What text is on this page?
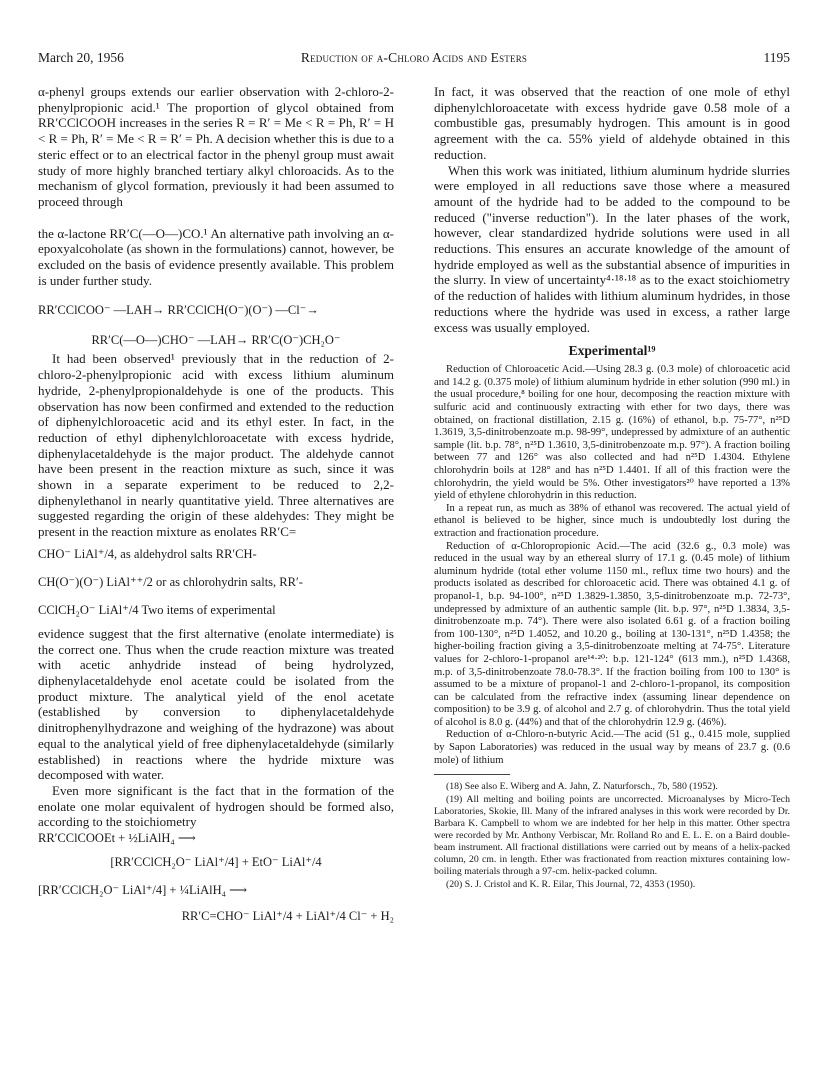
March 20, 1956	Reduction of α-Chloro Acids and Esters	1195

α-phenyl groups extends our earlier observation with 2-chloro-2-phenylpropionic acid.¹ The proportion of glycol obtained from RR′CClCOOH increases in the series R = R′ = Me < R = Ph, R′ = H < R = Ph, R′ = Me < R = R′ = Ph. A decision whether this is due to a steric effect or to an electrical factor in the phenyl group must await study of more highly branched tertiary alkyl chloroacids. As to the mechanism of glycol formation, previously it had been assumed to proceed through

the α-lactone RR′C(—O—)CO.¹ An alternative path involving an α-epoxyalcoholate (as shown in the formulations) cannot, however, be excluded on the basis of evidence presently available. This problem is under further study.

RR′CClCOO⁻ —LAH→ RR′CClCH(O⁻)(O⁻) —Cl⁻→
RR′C(—O—)CHO⁻ —LAH→ RR′C(O⁻)CH₂O⁻

It had been observed¹ previously that in the reduction of 2-chloro-2-phenylpropionic acid with excess lithium aluminum hydride, 2-phenylpropionaldehyde is one of the products. This observation has now been confirmed and extended to the reduction of diphenylchloroacetic acid and its ethyl ester. In fact, in the reduction of ethyl diphenylchloroacetate with excess hydride, diphenylacetaldehyde is the major product. The aldehyde cannot have been present in the reaction mixture as such, since it was shown in a separate experiment to be reduced to 2,2-diphenylethanol in nearly quantitative yield. Three alternatives are suggested regarding the origin of these aldehydes: They might be present in the reaction mixture as enolates RR′C=

CHO⁻ LiAl⁺/4, as aldehydrol salts RR′CH-
CH(O⁻)(O⁻) LiAl⁺⁺/2 or as chlorohydrin salts, RR′-
CClCH₂O⁻ LiAl⁺/4 Two items of experimental

evidence suggest that the first alternative (enolate intermediate) is the correct one. Thus when the crude reaction mixture was treated with acetic anhydride instead of being hydrolyzed, diphenylacetaldehyde enol acetate could be isolated from the product mixture. The analytical yield of the enol acetate (established by conversion to diphenylacetaldehyde dinitrophenylhydrazone and weighing of the hydrazone) was about equal to the analytical yield of free diphenylacetaldehyde (similarly established) in reactions where the hydride mixture was decomposed with water.

Even more significant is the fact that in the formation of the enolate one molar equivalent of hydrogen should be formed also, according to the stoichiometry

RR′CClCOOEt + ½LiAlH₄ ⟶
[RR′CClCH₂O⁻ LiAl⁺/4] + EtO⁻ LiAl⁺/4
[RR′CClCH₂O⁻ LiAl⁺/4] + ¼LiAlH₄ ⟶
RR′C=CHO⁻ LiAl⁺/4 + LiAl⁺/4 Cl⁻ + H₂

In fact, it was observed that the reaction of one mole of ethyl diphenylchloroacetate with excess hydride gave 0.58 mole of a combustible gas, presumably hydrogen. This amount is in good agreement with the ca. 55% yield of aldehyde obtained in this reduction.

When this work was initiated, lithium aluminum hydride slurries were employed in all reductions save those where a measured amount of the hydride had to be added to the compound to be reduced ("inverse reduction"). In the later phases of the work, however, clear standardized hydride solutions were used in all reductions. This ensures an accurate knowledge of the amount of hydride employed as well as the substantial absence of impurities in the slurry. In view of uncertainty⁴·¹⁸·¹⁸ as to the exact stoichiometry of the reduction of halides with lithium aluminum hydrides, in those reductions where the hydride was used in excess, a rather large excess was usually employed.

Experimental¹⁹

Reduction of Chloroacetic Acid.—Using 28.3 g. (0.3 mole) of chloroacetic acid and 14.2 g. (0.375 mole) of lithium aluminum hydride in ether solution (990 ml.) in the usual procedure,⁸ boiling for one hour, decomposing the reaction mixture with sulfuric acid and continuously extracting with ether for two days, there was obtained, on fractional distillation, 2.15 g. (16%) of ethanol, b.p. 75-77°, n²⁵D 1.3619, 3,5-dinitrobenzoate m.p. 98-99°, undepressed by admixture of an authentic sample (lit. b.p. 78°, n²⁵D 1.3610, 3,5-dinitrobenzoate m.p. 97°). A fraction boiling between 77 and 126° was also collected and had n²⁵D 1.4304. Ethylene chlorohydrin boils at 128° and has n²⁵D 1.4401. If all of this fraction were the chlorohydrin, the yield would be 5%. Other investigators²⁰ have reported a 13% yield of ethylene chlorohydrin in this reduction.

In a repeat run, as much as 38% of ethanol was recovered. The actual yield of ethanol is believed to be higher, since much is undoubtedly lost during the extraction and fractionation procedure.

Reduction of α-Chloropropionic Acid.—The acid (32.6 g., 0.3 mole) was reduced in the usual way by an ethereal slurry of 17.1 g. (0.45 mole) of lithium aluminum hydride (total ether volume 1150 ml., reflux time two hours) and the products isolated as described for chloroacetic acid. There was obtained 4.1 g. of propanol-1, b.p. 94-100°, n²⁵D 1.3829-1.3850, 3,5-dinitrobenzoate m.p. 72-73°, undepressed by admixture of an authentic sample (lit. b.p. 97°, n²⁵D 1.3834, 3,5-dinitrobenzoate m.p. 74°). There were also isolated 6.61 g. of a fraction boiling from 100-130°, n²⁵D 1.4052, and 10.20 g., boiling at 130-131°, n²⁵D 1.4358; the higher-boiling fraction giving a 3,5-dinitrobenzoate melting at 74-75°. Literature values for 2-chloro-1-propanol are¹⁴·²⁰: b.p. 121-124° (613 mm.), n²⁵D 1.4368, m.p. of 3,5-dinitrobenzoate 78.0-78.3°. If the fraction boiling from 100 to 130° is assumed to be a mixture of propanol-1 and 2-chloro-1-propanol, its composition can be calculated from the refractive index (assuming linear dependence on composition) to be 3.9 g. of alcohol and 2.7 g. of chlorohydrin. Thus the total yield of alcohol is 8.0 g. (44%) and that of the chlorohydrin 12.9 g. (46%).

Reduction of α-Chloro-n-butyric Acid.—The acid (51 g., 0.415 mole, supplied by Sapon Laboratories) was reduced in the usual way by means of 23.7 g. (0.6 mole) of lithium

(18) See also E. Wiberg and A. Jahn, Z. Naturforsch., 7b, 580 (1952).

(19) All melting and boiling points are uncorrected. Microanalyses by Micro-Tech Laboratories, Skokie, Ill. Many of the infrared analyses in this work were recorded by Dr. Barbara K. Campbell to whom we are indebted for her help in this matter. Other spectra were recorded by Mr. Anthony Verbiscar, Mr. Rolland Ro and E. L. E. on a Baird double-beam instrument. All fractional distillations were carried out by means of a helix-packed column, 20 cm. in length. Ether was fractionated from reaction mixtures containing low-boiling materials through a 97-cm. helix-packed column.

(20) S. J. Cristol and K. R. Eilar, This Journal, 72, 4353 (1950).
